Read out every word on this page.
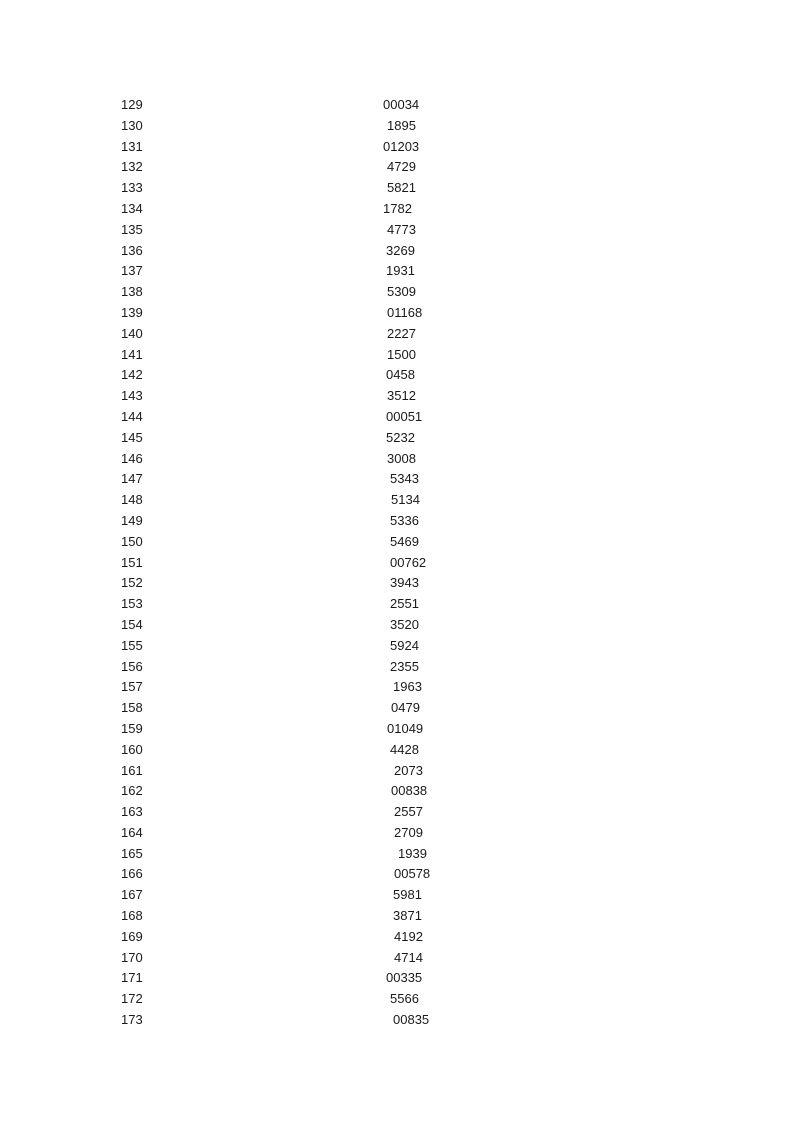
129	00034
130	1895
131	01203
132	4729
133	5821
134	1782
135	4773
136	3269
137	1931
138	5309
139	01168
140	2227
141	1500
142	0458
143	3512
144	00051
145	5232
146	3008
147	5343
148	5134
149	5336
150	5469
151	00762
152	3943
153	2551
154	3520
155	5924
156	2355
157	1963
158	0479
159	01049
160	4428
161	2073
162	00838
163	2557
164	2709
165	1939
166	00578
167	5981
168	3871
169	4192
170	4714
171	00335
172	5566
173	00835
